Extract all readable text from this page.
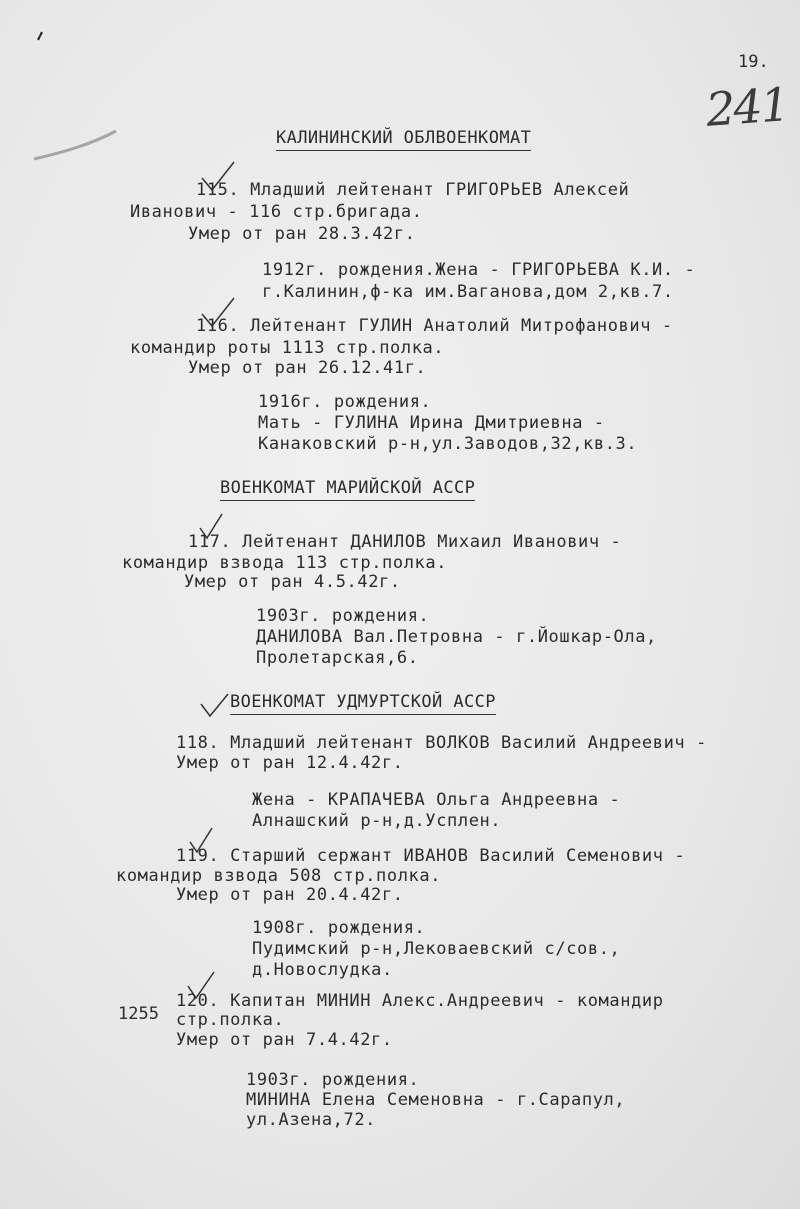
19.
241
КАЛИНИНСКИЙ ОБЛВОЕНКОМАТ
115. Младший лейтенант ГРИГОРЬЕВ Алексей
Иванович - 116 стр.бригада.
Умер от ран 28.3.42г.
1912г. рождения.Жена - ГРИГОРЬЕВА К.И. -
г.Калинин,ф-ка им.Ваганова,дом 2,кв.7.
116. Лейтенант ГУЛИН Анатолий Митрофанович -
командир роты 1113 стр.полка.
Умер от ран 26.12.41г.
1916г. рождения.
Мать - ГУЛИНА Ирина Дмитриевна -
Канаковский р-н,ул.Заводов,32,кв.3.
ВОЕНКОМАТ МАРИЙСКОЙ АССР
117. Лейтенант ДАНИЛОВ Михаил Иванович -
командир взвода 113 стр.полка.
Умер от ран 4.5.42г.
1903г. рождения.
ДАНИЛОВА Вал.Петровна - г.Йошкар-Ола,
Пролетарская,6.
ВОЕНКОМАТ УДМУРТСКОЙ АССР
118. Младший лейтенант ВОЛКОВ Василий Андреевич -
Умер от ран 12.4.42г.
Жена - КРАПАЧЕВА Ольга Андреевна -
Алнашский р-н,д.Усплен.
119. Старший сержант ИВАНОВ Василий Семенович -
командир взвода 508 стр.полка.
Умер от ран 20.4.42г.
1908г. рождения.
Пудимский р-н,Лековаевский с/сов.,
д.Новослудка.
120. Капитан МИНИН Алекс.Андреевич - командир
1255 стр.полка.
Умер от ран 7.4.42г.
1903г. рождения.
МИНИНА Елена Семеновна - г.Сарапул,
ул.Азена,72.
